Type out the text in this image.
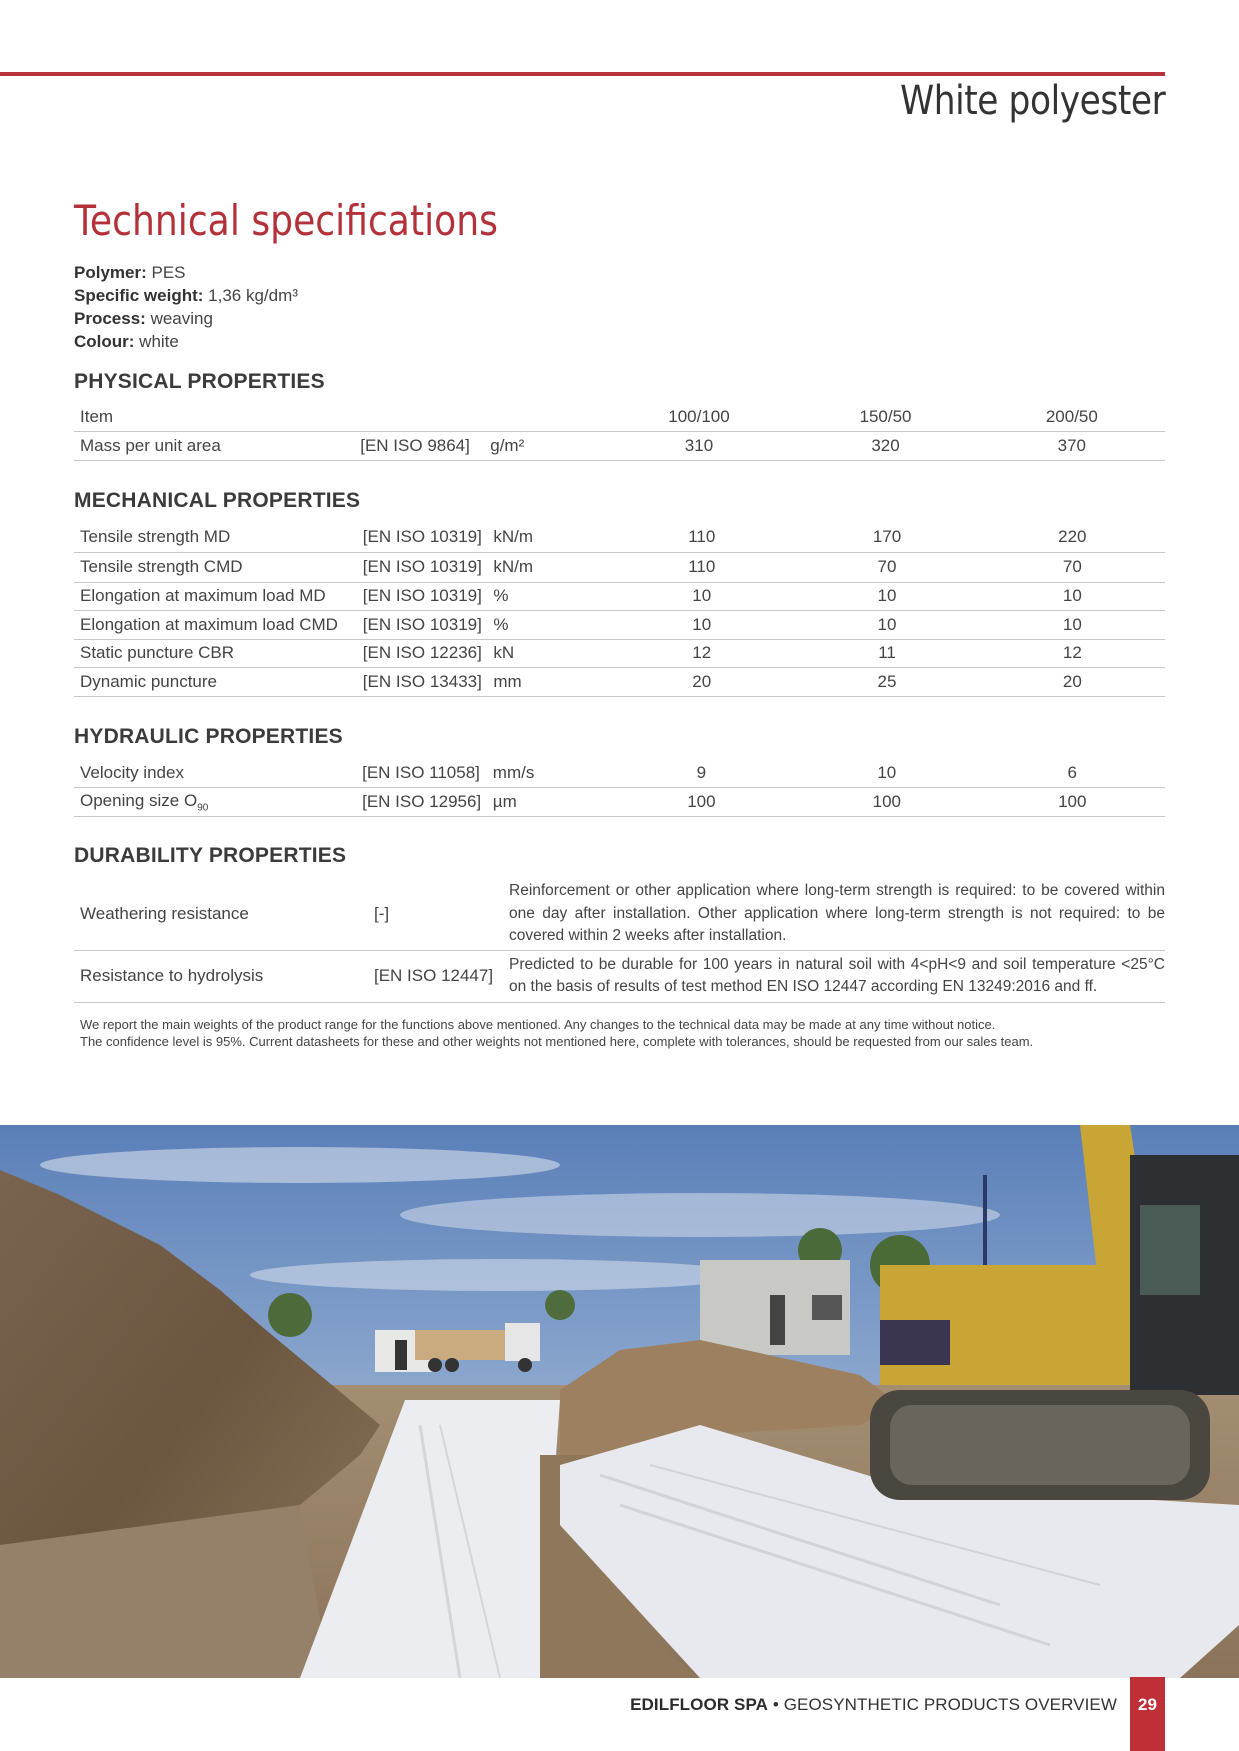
White polyester
Technical specifications
Polymer: PES
Specific weight: 1,36 kg/dm³
Process: weaving
Colour: white
PHYSICAL PROPERTIES
Item			100/100	150/50	200/50
Mass per unit area	[EN ISO 9864]	g/m²	310	320	370
MECHANICAL PROPERTIES
Tensile strength MD	[EN ISO 10319]	kN/m	110	170	220
Tensile strength CMD	[EN ISO 10319]	kN/m	110	70	70
Elongation at maximum load MD	[EN ISO 10319]	%	10	10	10
Elongation at maximum load CMD	[EN ISO 10319]	%	10	10	10
Static puncture CBR	[EN ISO 12236]	kN	12	11	12
Dynamic puncture	[EN ISO 13433]	mm	20	25	20
HYDRAULIC PROPERTIES
Velocity index	[EN ISO 11058]	mm/s	9	10	6
Opening size $O_{90}$	[EN ISO 12956]	µm	100	100	100
DURABILITY PROPERTIES
Weathering resistance	[-]	Reinforcement or other application where long-term strength is required: to be covered within one day after installation. Other application where long-term strength is not required: to be covered within 2 weeks after installation.
Resistance to hydrolysis	[EN ISO 12447]	Predicted to be durable for 100 years in natural soil with 4<pH<9 and soil temperature <25°C on the basis of results of test method EN ISO 12447 according EN 13249:2016 and ff.
We report the main weights of the product range for the functions above mentioned. Any changes to the technical data may be made at any time without notice.
The confidence level is 95%. Current datasheets for these and other weights not mentioned here, complete with tolerances, should be requested from our sales team.
EDILFLOOR SPA • GEOSYNTHETIC PRODUCTS OVERVIEW	29
